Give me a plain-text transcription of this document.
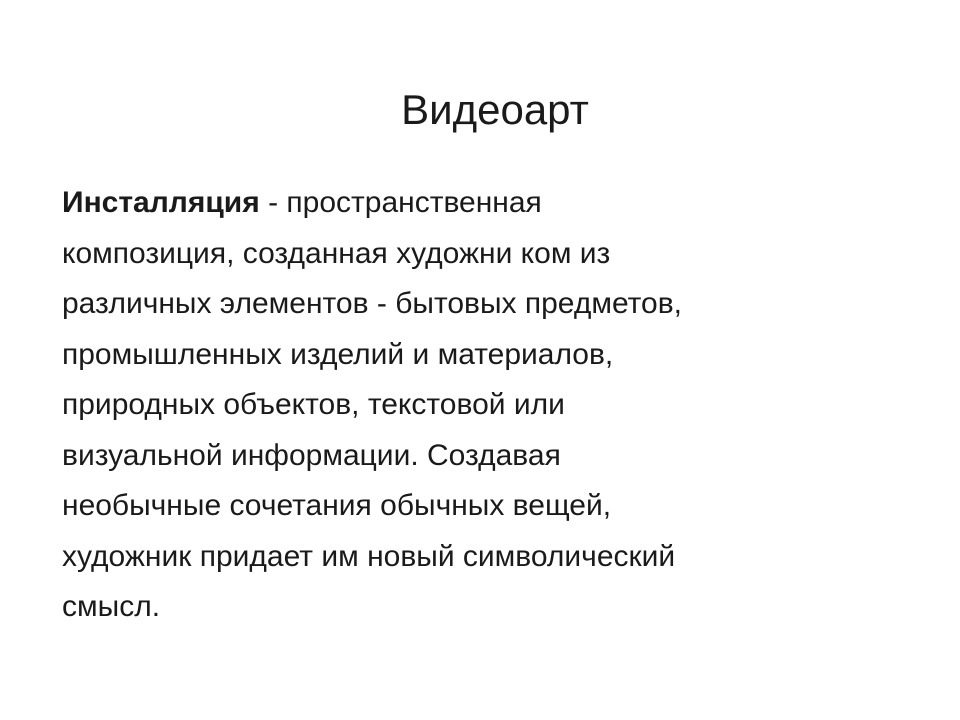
Видеоарт
Инсталляция - пространственная
композиция, созданная художни ком из
различных элементов - бытовых предметов,
промышленных изделий и материалов,
природных объектов, текстовой или
визуальной информации. Создавая
необычные сочетания обычных вещей,
художник придает им новый символический
смысл.
